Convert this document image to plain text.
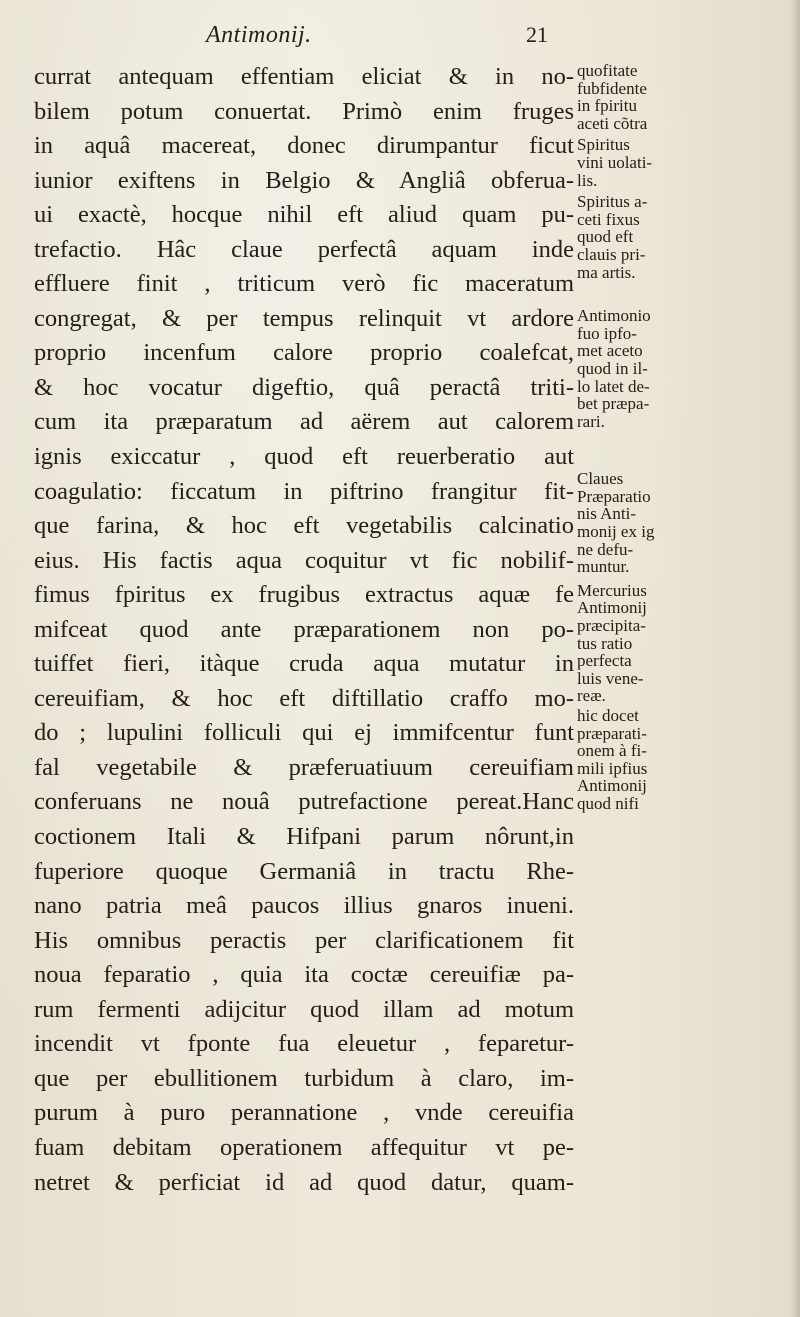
Antimonij.	21
currat antequam effentiam eliciat & in no-
bilem potum conuertat. Primò enim fruges
in aquâ macereat, donec dirumpantur ficut
iunior exiftens in Belgio & Angliâ obferua-
ui exactè, hocque nihil eft aliud quam pu-
trefactio. Hâc claue perfectâ aquam inde
effluere finit , triticum verò fic maceratum
congregat, & per tempus relinquit vt ardore
proprio incenfum calore proprio coalefcat,
& hoc vocatur digeftio, quâ peractâ triti-
cum ita præparatum ad aërem aut calorem
ignis exiccatur , quod eft reuerberatio aut
coagulatio: ficcatum in piftrino frangitur fit-
que farina, & hoc eft vegetabilis calcinatio
eius. His factis aqua coquitur vt fic nobilif-
fimus fpiritus ex frugibus extractus aquæ fe
mifceat quod ante præparationem non po-
tuiffet fieri, itàque cruda aqua mutatur in
cereuifiam, & hoc eft diftillatio craffo mo-
do ; lupulini folliculi qui ej immifcentur funt
fal vegetabile & præferuatiuum cereuifiam
conferuans ne nouâ putrefactione pereat.Hanc
coctionem Itali & Hifpani parum nôrunt,in
fuperiore quoque Germaniâ in tractu Rhe-
nano patria meâ paucos illius gnaros inueni.
His omnibus peractis per clarificationem fit
noua feparatio , quia ita coctæ cereuifiæ pa-
rum fermenti adijcitur quod illam ad motum
incendit vt fponte fua eleuetur , feparetur-
que per ebullitionem turbidum à claro, im-
purum à puro perannatione , vnde cereuifia
fuam debitam operationem affequitur vt pe-
netret & perficiat id ad quod datur, quam-
quofitate
fubfidente
in fpiritu
aceti cõtra
Spiritus
vini uolati-
lis.
Spiritus a-
ceti fixus
quod eft
clauis pri-
ma artis.
Antimonio
fuo ipfo-
met aceto
quod in il-
lo latet de-
bet præpa-
rari.
Claues
Præparatio
nis Anti-
monij ex ig
ne defu-
muntur.
Mercurius
Antimonij
præcipita-
tus ratio
perfecta
luis vene-
reæ.
hic docet
præparati-
onem à fi-
mili ipfius
Antimonij
quod nifi
